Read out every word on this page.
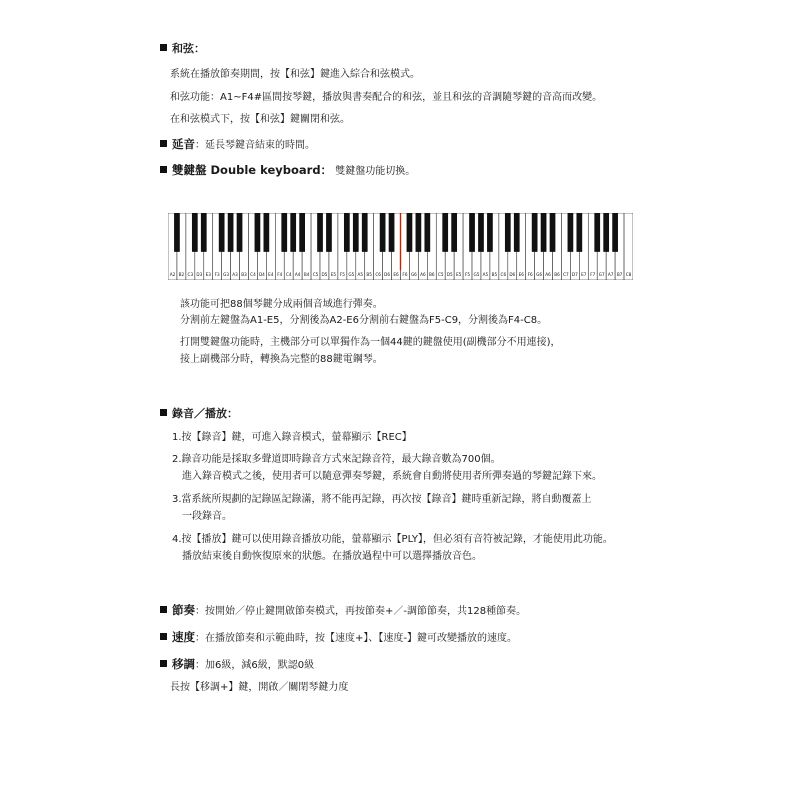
和弦：
系統在播放節奏期間，按【和弦】鍵進入綜合和弦模式。
和弦功能：A1~F4#區間按琴鍵，播放與書奏配合的和弦，並且和弦的音調隨琴鍵的音高而改變。
在和弦模式下，按【和弦】鍵關閉和弦。
延音：延長琴鍵音結束的時間。
雙鍵盤 Double keyboard： 雙鍵盤功能切換。
A2 B2 C3 D3 E3 F3 G3 A3 B3 C4 D4 E4 F4 C4 A4 B4 C5 D5 E5 F5 G5 A5 B5 C6 D6 E6 F6 G6 A6 B6 C5 D5 E5 F5 G5 A5 B5 C6 D6 E6 F6 G6 A6 B6 C7 D7 E7 F7 G7 A7 B7 C8
該功能可把88個琴鍵分成兩個音域進行彈奏。
分割前左鍵盤為A1-E5，分割後為A2-E6分割前右鍵盤為F5-C9，分割後為F4-C8。
打開雙鍵盤功能時，主機部分可以單獨作為一個44鍵的鍵盤使用(副機部分不用連接)，
接上副機部分時，轉換為完整的88鍵電鋼琴。
錄音／播放：
1.按【錄音】鍵，可進入錄音模式，螢幕顯示【REC】
2.錄音功能是採取多聲道即時錄音方式來記錄音符，最大錄音數為700個。
進入錄音模式之後，使用者可以隨意彈奏琴鍵，系統會自動將使用者所彈奏過的琴鍵記錄下來。
3.當系統所規劃的記錄區記錄滿，將不能再記錄，再次按【錄音】鍵時重新記錄，將自動覆蓋上
一段錄音。
4.按【播放】鍵可以使用錄音播放功能，螢幕顯示【PLY】，但必須有音符被記錄，才能使用此功能。
播放結束後自動恢復原來的狀態。在播放過程中可以選擇播放音色。
節奏：按開始／停止鍵開啟節奏模式，再按節奏+／-調節節奏，共128種節奏。
速度：在播放節奏和示範曲時，按【速度+】、【速度-】鍵可改變播放的速度。
移調：加6級，減6級，默認0級
長按【移調+】鍵，開啟／關閉琴鍵力度
